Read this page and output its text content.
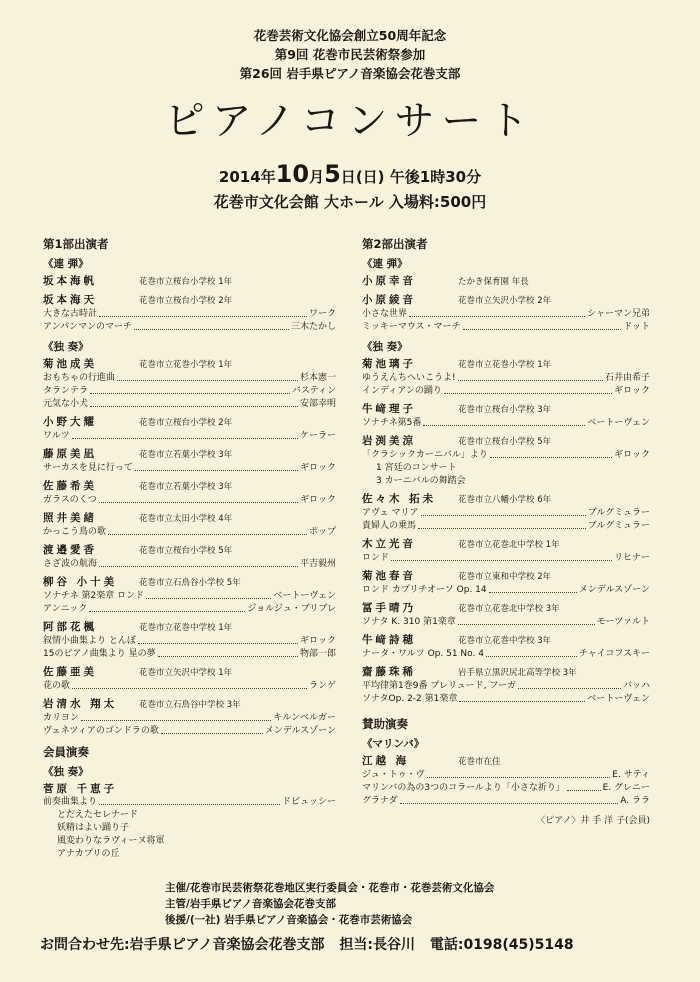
花巻芸術文化協会創立50周年記念
第9回 花巻市民芸術祭参加
第26回 岩手県ピアノ音楽協会花巻支部
ピアノコンサート
2014年10月5日(日) 午後1時30分
花巻市文化会館 大ホール 入場料:500円
第1部出演者
《連 弾》
坂本海帆	花巻市立桜台小学校 1年
坂本海天	花巻市立桜台小学校 2年
大きな古時計	ワーク
アンパンマンのマーチ	三木たかし
《独 奏》
菊池成美	花巻市立花巻小学校 1年
おもちゃの行進曲	杉本憲一
タランテラ	バスティン
元気な小犬	安部幸明
小野大耀	花巻市立桜台小学校 2年
ワルツ	ケーラー
藤原美凪	花巻市立若葉小学校 3年
サーカスを見に行って	ギロック
佐藤希美	花巻市立若葉小学校 3年
ガラスのくつ	ギロック
照井美緒	花巻市立太田小学校 4年
かっこう鳥の歌	ポップ
渡邉愛香	花巻市立桜台小学校 5年
さざ波の航海	平吉毅州
柳谷 小十美	花巻市立石鳥谷小学校 5年
ソナチネ 第2楽章 ロンド	ベートーヴェン
アンニック	ジョルジュ・ブリブレ
阿部花楓	花巻市立花巻中学校 1年
叙情小曲集より とんぼ	ギロック
15のピアノ曲集より 星の夢	物部一郎
佐藤亜美	花巻市立矢沢中学校 1年
花の歌	ランゲ
岩清水 翔太	花巻市立石鳥谷中学校 3年
カリヨン	キルンベルガー
ヴェネツィアのゴンドラの歌	メンデルスゾーン
会員演奏
《独 奏》
菅原 千恵子
前奏曲集より	ドビュッシー
とだえたセレナード
妖精はよい踊り子
風変わりなラヴィーヌ将軍
アナカプリの丘
第2部出演者
《連 弾》
小原幸音	たかき保育園 年長
小原綾音	花巻市立矢沢小学校 2年
小さな世界	シャーマン兄弟
ミッキーマウス・マーチ	ドット
《独 奏》
菊池璃子	花巻市立花巻小学校 1年
ゆうえんちへいこうよ!	石井由希子
インディアンの踊り	ギロック
牛﨑理子	花巻市立桜台小学校 3年
ソナチネ第5番	ベートーヴェン
岩渕美涼	花巻市立桜台小学校 5年
「クラシックカーニバル」より	ギロック
1 宮廷のコンサート
3 カーニバルの舞踏会
佐々木 拓未	花巻市立八幡小学校 6年
アヴェ マリア	ブルグミュラー
貴婦人の乗馬	ブルグミュラー
木立光音	花巻市立花巻北中学校 1年
ロンド	リヒナー
菊池春音	花巻市立東和中学校 2年
ロンド カプリチオーソ Op. 14	メンデルスゾーン
冨手晴乃	花巻市立花巻北中学校 3年
ソナタ K. 310 第1楽章	モーツァルト
牛﨑詩穂	花巻市立花巻中学校 3年
ナータ・ワルツ Op. 51 No. 4	チャイコフスキー
齋藤珠稀	岩手県立黒沢尻北高等学校 3年
平均律第1巻9番 プレリュード, フーガ	バッハ
ソナタOp. 2-2 第1楽章	ベートーヴェン
賛助演奏
《マリンバ》
江越 海	花巻市在住
ジュ・トゥ・ヴ	E. サティ
マリンバの為の3つのコラールより「小さな祈り」	E. グレニー
グラナダ	A. ララ
〈ピアノ〉井 手 洋 子(会員)
主催/花巻市民芸術祭花巻地区実行委員会・花巻市・花巻芸術文化協会
主管/岩手県ピアノ音楽協会花巻支部
後援/(一社) 岩手県ピアノ音楽協会・花巻市芸術協会
お問合わせ先:岩手県ピアノ音楽協会花巻支部 担当:長谷川 電話:0198(45)5148
